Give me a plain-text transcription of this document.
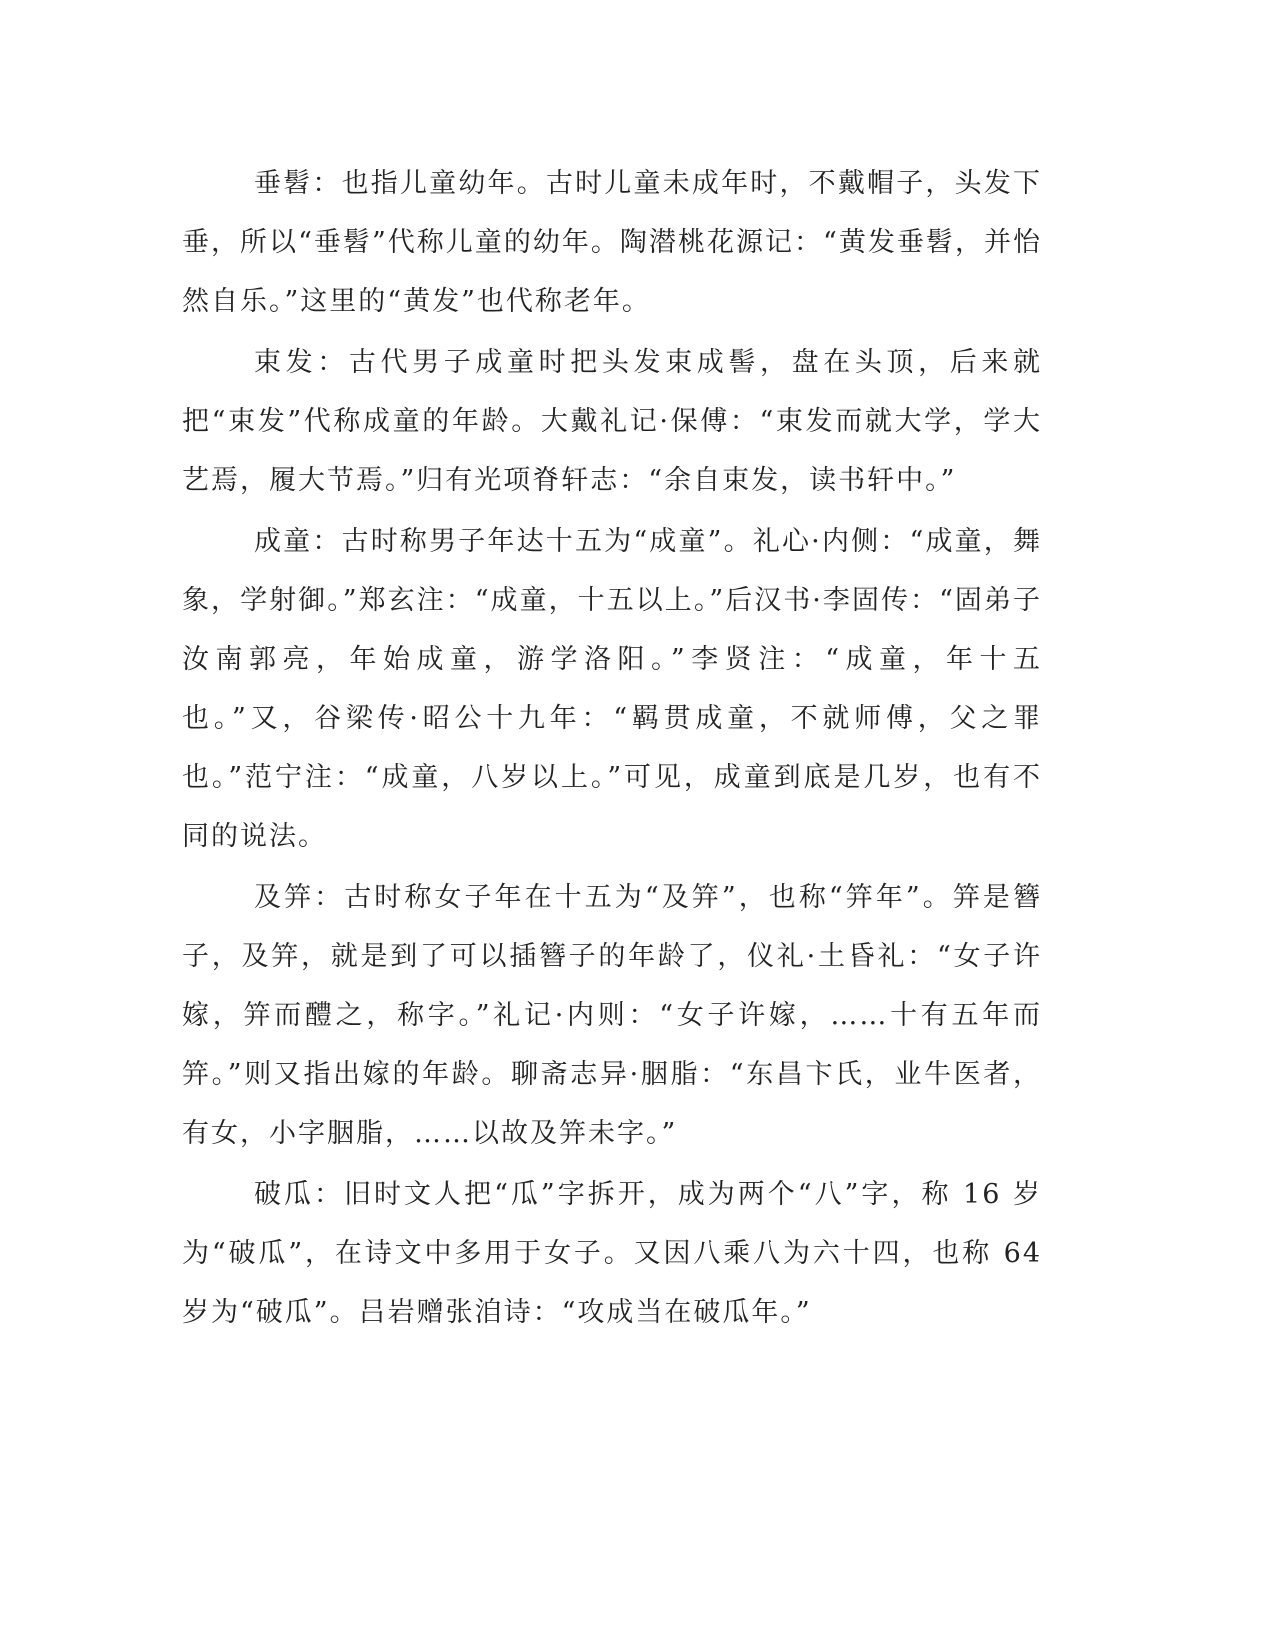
垂髫：也指儿童幼年。古时儿童未成年时，不戴帽子，头发下垂，所以“垂髫”代称儿童的幼年。陶潜桃花源记：“黄发垂髫，并怡然自乐。”这里的“黄发”也代称老年。

束发：古代男子成童时把头发束成髻，盘在头顶，后来就把“束发”代称成童的年龄。大戴礼记·保傅：“束发而就大学，学大艺焉，履大节焉。”归有光项脊轩志：“余自束发，读书轩中。”

成童：古时称男子年达十五为“成童”。礼心·内侧：“成童，舞象，学射御。”郑玄注：“成童，十五以上。”后汉书·李固传：“固弟子汝南郭亮，年始成童，游学洛阳。”李贤注：“成童，年十五也。”又，谷梁传·昭公十九年：“羁贯成童，不就师傅，父之罪也。”范宁注：“成童，八岁以上。”可见，成童到底是几岁，也有不同的说法。

及笄：古时称女子年在十五为“及笄”，也称“笄年”。笄是簪子，及笄，就是到了可以插簪子的年龄了，仪礼·土昏礼：“女子许嫁，笄而醴之，称字。”礼记·内则：“女子许嫁，……十有五年而笄。”则又指出嫁的年龄。聊斋志异·胭脂：“东昌卞氏，业牛医者，有女，小字胭脂，……以故及笄未字。”

破瓜：旧时文人把“瓜”字拆开，成为两个“八”字，称 16 岁为“破瓜”，在诗文中多用于女子。又因八乘八为六十四，也称 64 岁为“破瓜”。吕岩赠张洎诗：“攻成当在破瓜年。”
